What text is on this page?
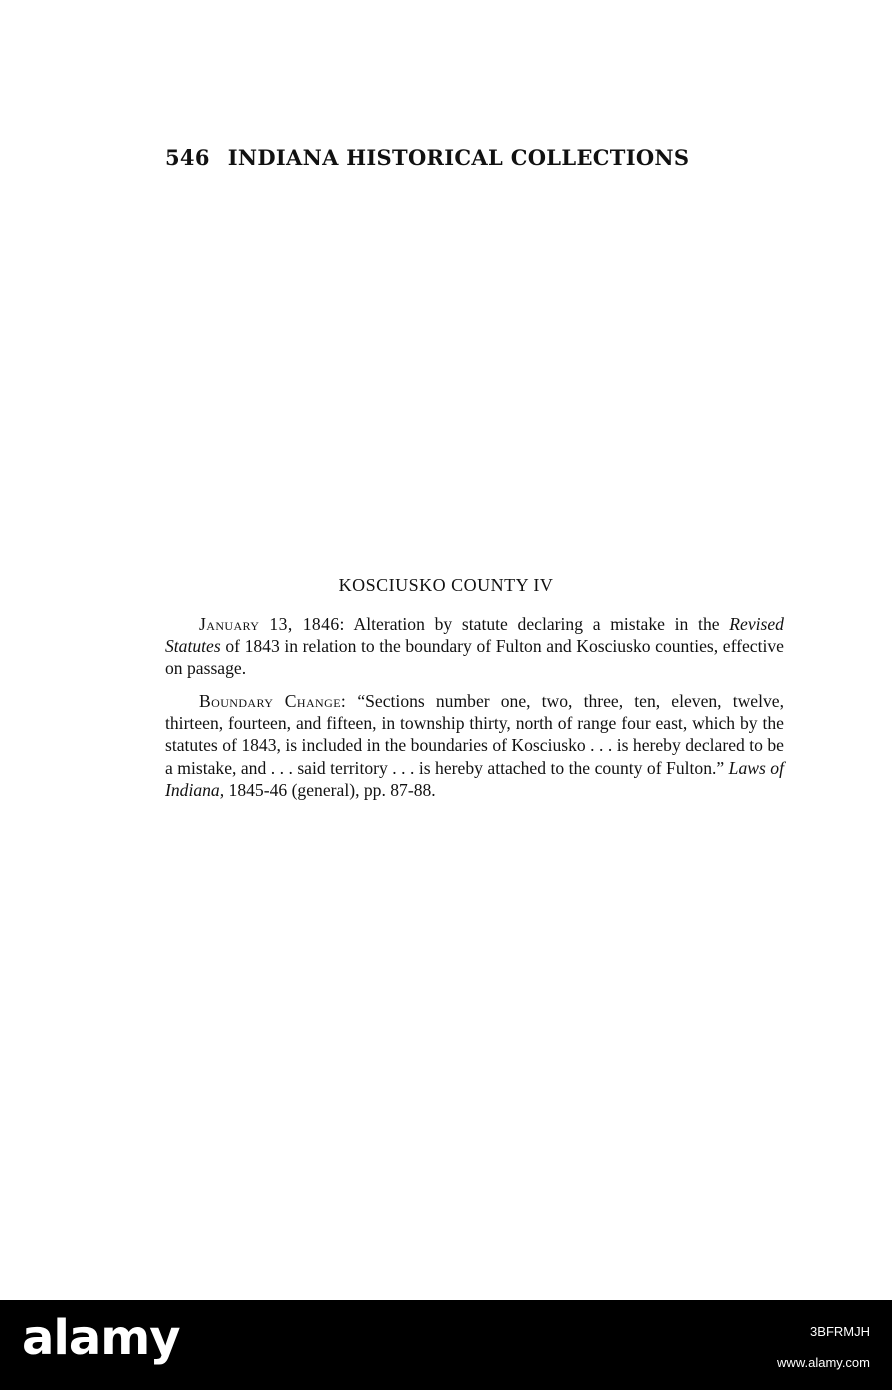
546 INDIANA HISTORICAL COLLECTIONS
KOSCIUSKO COUNTY IV

January 13, 1846: Alteration by statute declaring a mistake in the Revised Statutes of 1843 in relation to the boundary of Fulton and Kosciusko counties, effective on passage.

Boundary Change: “Sections number one, two, three, ten, eleven, twelve, thirteen, fourteen, and fifteen, in township thirty, north of range four east, which by the statutes of 1843, is included in the boundaries of Kosciusko . . . is hereby declared to be a mistake, and . . . said territory . . . is hereby attached to the county of Fulton.” Laws of Indiana, 1845-46 (general), pp. 87-88.

alamy	3BFRMJH
www.alamy.com
